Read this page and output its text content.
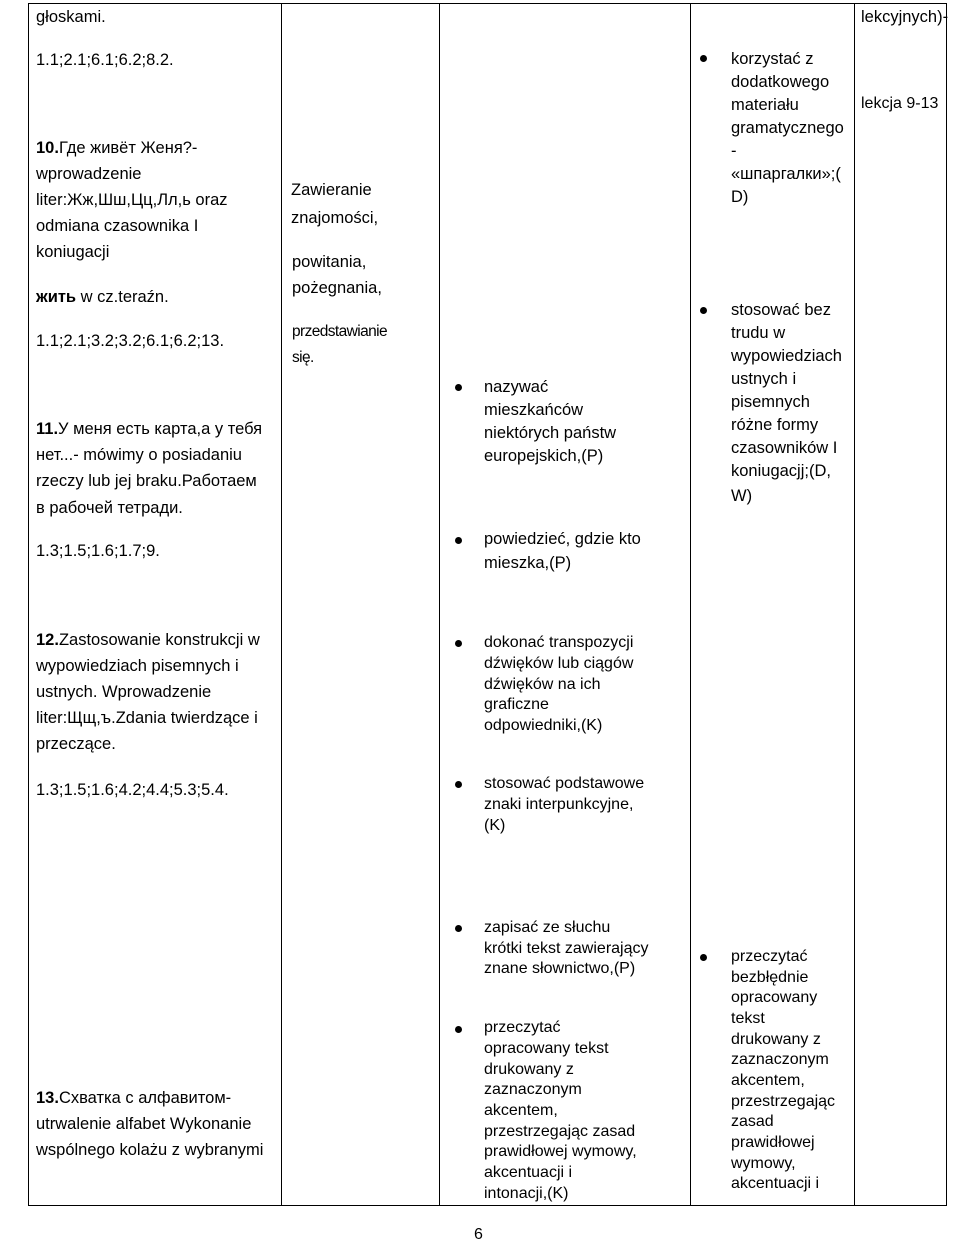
głoskami.
1.1;2.1;6.1;6.2;8.2.
10.Где живёт Женя?-
wprowadzenie
liter:Жж,Шш,Цц,Лл,ь oraz
odmiana czasownika I
koniugacji
жить w cz.teraźn.
1.1;2.1;3.2;3.2;6.1;6.2;13.
11.У меня есть карта,а у тебя
нет...- mówimy o posiadaniu
rzeczy lub jej braku.Работаем
в рабочей тетради.
1.3;1.5;1.6;1.7;9.
12.Zastosowanie konstrukcji w
wypowiedziach pisemnych i
ustnych. Wprowadzenie
liter:Щщ,ъ.Zdania twierdzące i
przeczące.
1.3;1.5;1.6;4.2;4.4;5.3;5.4.
13.Схватка с алфавитом-
utrwalenie alfabet Wykonanie
wspólnego kolażu z wybranymi
Zawieranie
znajomości,
powitania,
pożegnania,
przedstawianie
się.
nazywać
mieszkańców
niektórych państw
europejskich,(P)
powiedzieć, gdzie kto
mieszka,(P)
dokonać transpozycji
dźwięków lub ciągów
dźwięków na ich
graficzne
odpowiedniki,(K)
stosować podstawowe
znaki interpunkcyjne,
(K)
zapisać ze słuchu
krótki tekst zawierający
znane słownictwo,(P)
przeczytać
opracowany tekst
drukowany z
zaznaczonym
akcentem,
przestrzegając zasad
prawidłowej wymowy,
akcentuacji i
intonacji,(K)
korzystać z
dodatkowego
materiału
gramatycznego
-
«шпаргалки»;(
D)
stosować bez
trudu w
wypowiedziach
ustnych i
pisemnych
różne formy
czasowników I
koniugacjj;(D,
W)
przeczytać
bezbłędnie
opracowany
tekst
drukowany z
zaznaczonym
akcentem,
przestrzegając
zasad
prawidłowej
wymowy,
akcentuacji i
lekcyjnych)-
lekcja 9-13
6
